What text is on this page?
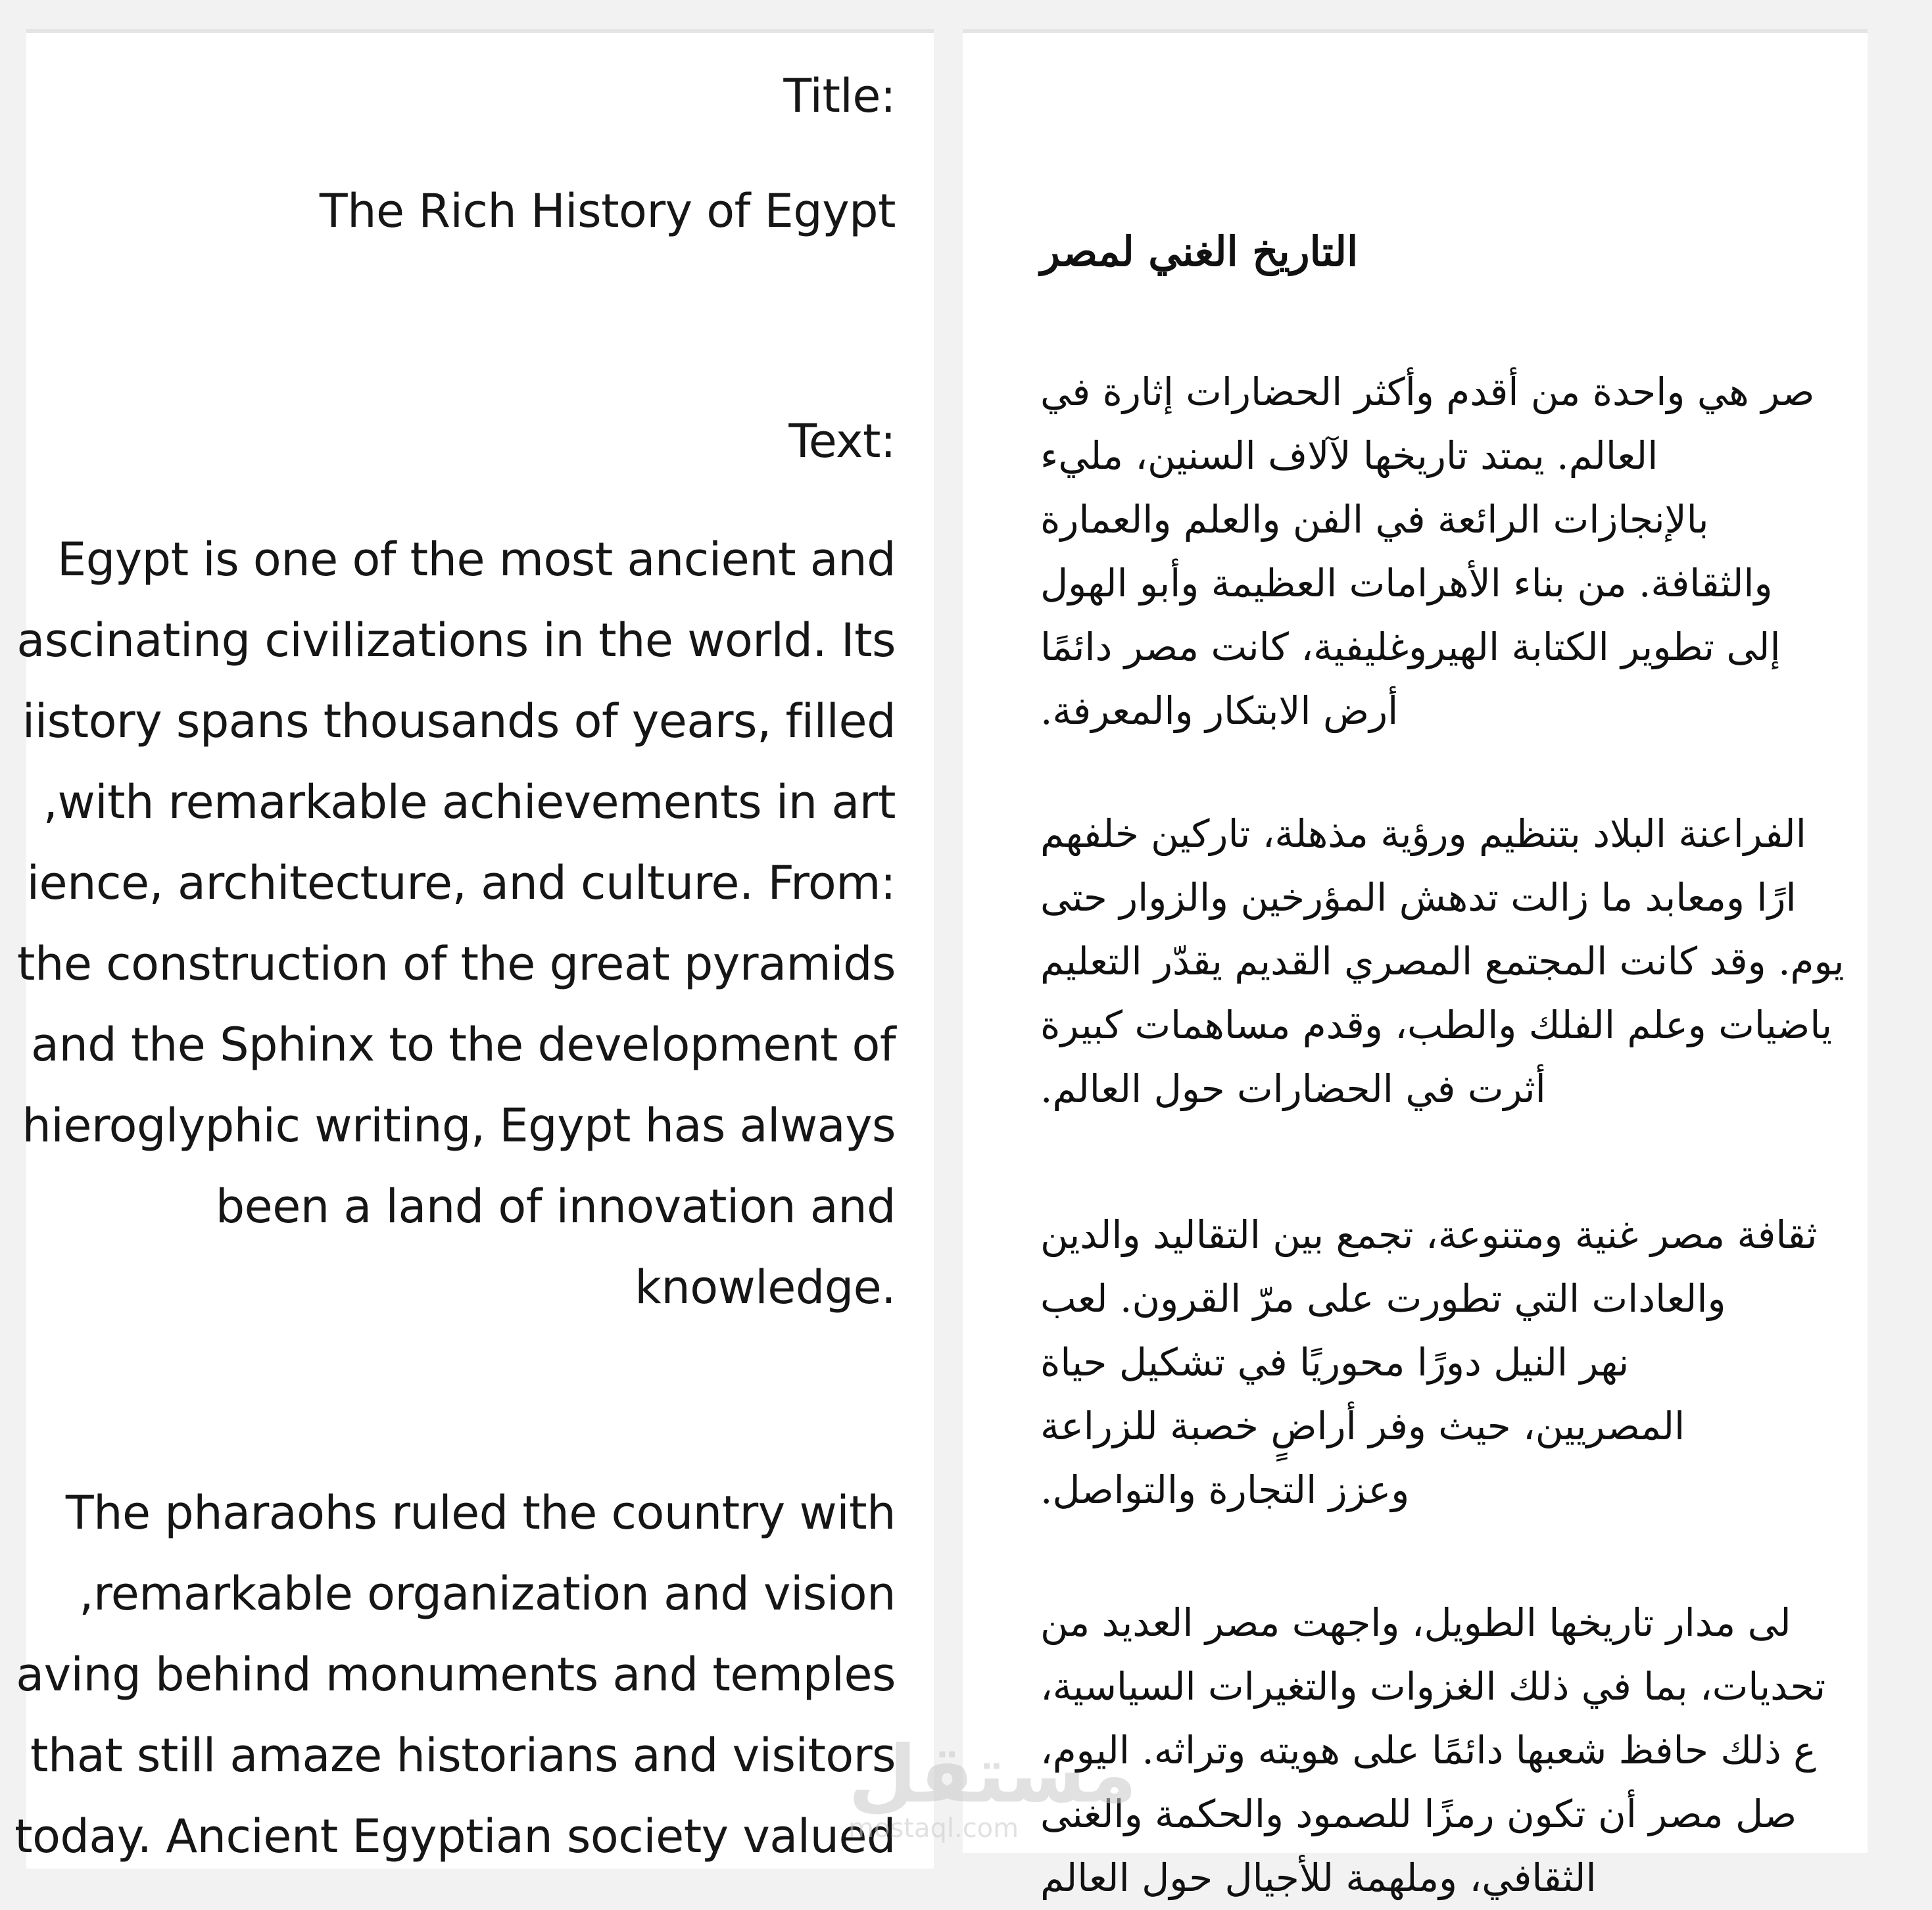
:Title
The Rich History of Egypt
:Text
Egypt is one of the most ancient and
ascinating civilizations in the world. Its
iistory spans thousands of years, filled
with remarkable achievements in art,
:ience, architecture, and culture. From
the construction of the great pyramids
and the Sphinx to the development of
hieroglyphic writing, Egypt has always
been a land of innovation and
.knowledge
The pharaohs ruled the country with
remarkable organization and vision,
aving behind monuments and temples
that still amaze historians and visitors
today. Ancient Egyptian society valued
التاريخ الغني لمصر
صر هي واحدة من أقدم وأكثر الحضارات إثارة في
العالم. يمتد تاريخها لآلاف السنين، مليء
بالإنجازات الرائعة في الفن والعلم والعمارة
والثقافة. من بناء الأهرامات العظيمة وأبو الهول
إلى تطوير الكتابة الهيروغليفية، كانت مصر دائمًا
أرض الابتكار والمعرفة.
الفراعنة البلاد بتنظيم ورؤية مذهلة، تاركين خلفهم
ارًا ومعابد ما زالت تدهش المؤرخين والزوار حتى
يوم. وقد كانت المجتمع المصري القديم يقدّر التعليم
ياضيات وعلم الفلك والطب، وقدم مساهمات كبيرة
أثرت في الحضارات حول العالم.
ثقافة مصر غنية ومتنوعة، تجمع بين التقاليد والدين
والعادات التي تطورت على مرّ القرون. لعب
نهر النيل دورًا محوريًا في تشكيل حياة
المصريين، حيث وفر أراضٍ خصبة للزراعة
وعزز التجارة والتواصل.
لى مدار تاريخها الطويل، واجهت مصر العديد من
تحديات، بما في ذلك الغزوات والتغيرات السياسية،
ع ذلك حافظ شعبها دائمًا على هويته وتراثه. اليوم،
صل مصر أن تكون رمزًا للصمود والحكمة والغنى
الثقافي، وملهمة للأجيال حول العالم
مستقل
mostaql.com
